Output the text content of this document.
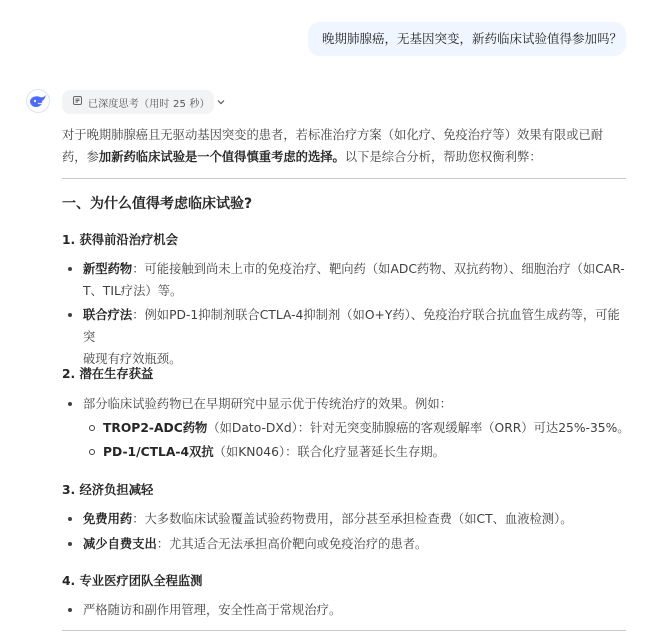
晚期肺腺癌，无基因突变，新药临床试验值得参加吗？
已深度思考（用时 25 秒）

对于晚期肺腺癌且无驱动基因突变的患者，若标准治疗方案（如化疗、免疫治疗等）效果有限或已耐药，参加新药临床试验是一个值得慎重考虑的选择。以下是综合分析，帮助您权衡利弊：

一、为什么值得考虑临床试验?
1. 获得前沿治疗机会
新型药物：可能接触到尚未上市的免疫治疗、靶向药（如ADC药物、双抗药物）、细胞治疗（如CAR-
T、TIL疗法）等。
联合疗法：例如PD-1抑制剂联合CTLA-4抑制剂（如O+Y药）、免疫治疗联合抗血管生成药等，可能突
破现有疗效瓶颈。
2. 潜在生存获益
部分临床试验药物已在早期研究中显示优于传统治疗的效果。例如：
TROP2-ADC药物（如Dato-DXd）：针对无突变肺腺癌的客观缓解率（ORR）可达25%-35%。
PD-1/CTLA-4双抗（如KN046）：联合化疗显著延长生存期。
3. 经济负担减轻
免费用药：大多数临床试验覆盖试验药物费用，部分甚至承担检查费（如CT、血液检测）。
减少自费支出：尤其适合无法承担高价靶向或免疫治疗的患者。
4. 专业医疗团队全程监测
严格随访和副作用管理，安全性高于常规治疗。
